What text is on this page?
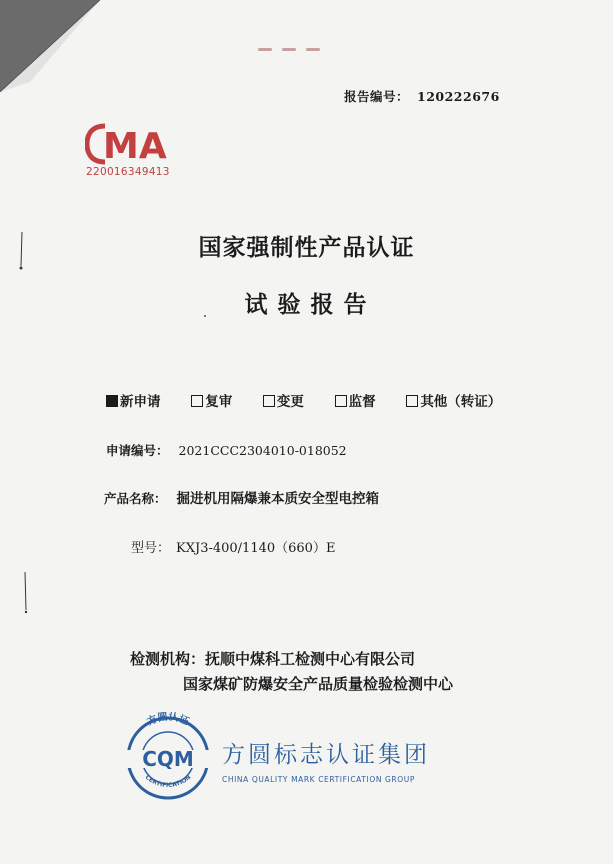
报告编号： 120222676
MA
220016349413
国家强制性产品认证
试验报告
新申请	复审	变更	监督	其他（转证）
申请编号： 2021CCC2304010-018052
产品名称： 掘进机用隔爆兼本质安全型电控箱
型号： KXJ3-400/1140（660）E
检测机构：抚顺中煤科工检测中心有限公司
国家煤矿防爆安全产品质量检验检测中心
方圆认证
CERTIFICATION
CQM 方圆标志认证集团
CHINA QUALITY MARK CERTIFICATION GROUP
